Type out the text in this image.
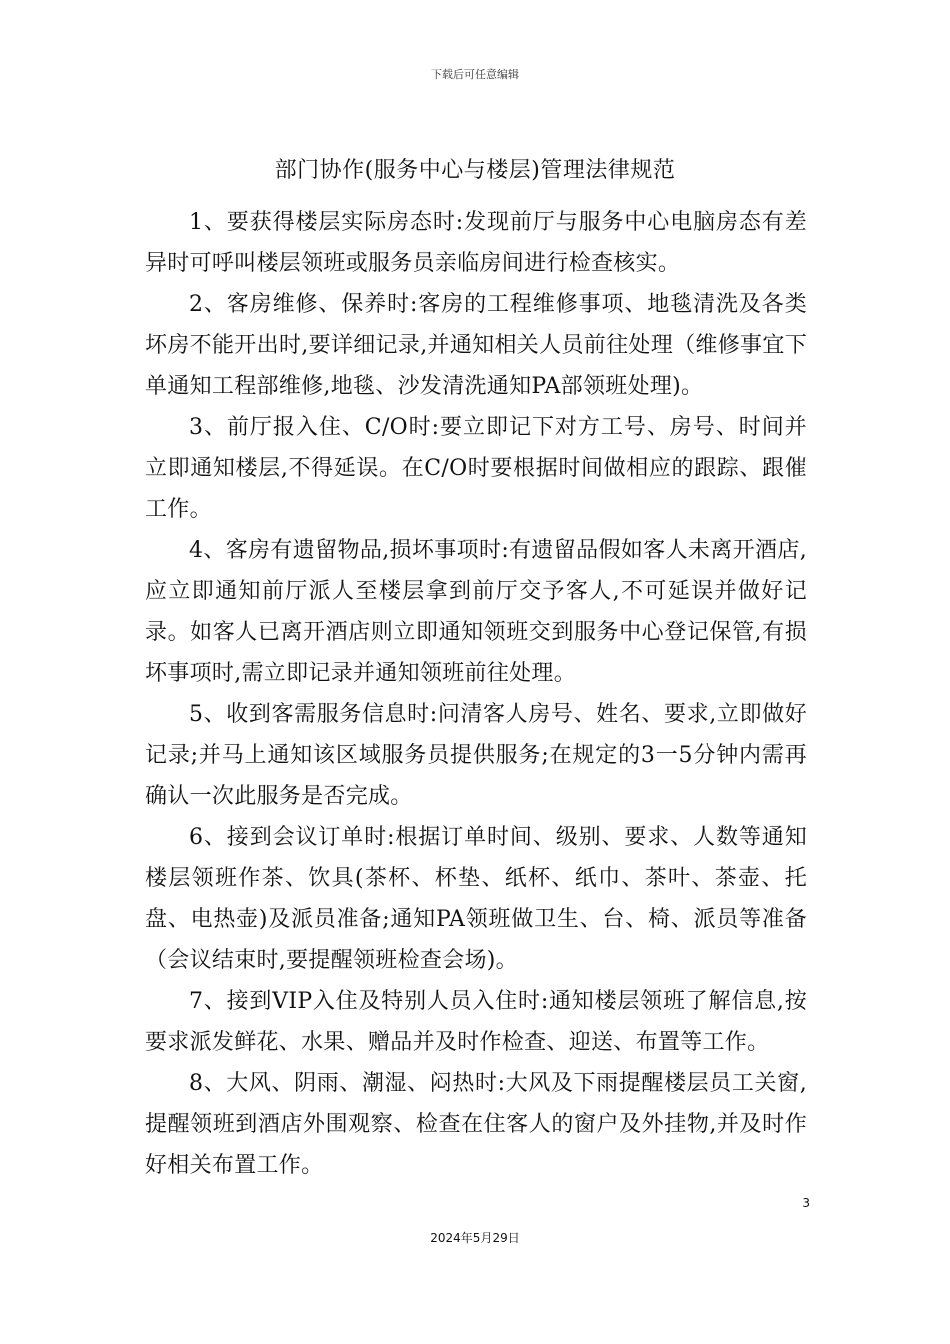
下载后可任意编辑
部门协作(服务中心与楼层)管理法律规范

1、要获得楼层实际房态时:发现前厅与服务中心电脑房态有差异时可呼叫楼层领班或服务员亲临房间进行检查核实。

2、客房维修、保养时:客房的工程维修事项、地毯清洗及各类坏房不能开出时,要详细记录,并通知相关人员前往处理（维修事宜下单通知工程部维修,地毯、沙发清洗通知PA部领班处理)。

3、前厅报入住、C/O时:要立即记下对方工号、房号、时间并立即通知楼层,不得延误。在C/O时要根据时间做相应的跟踪、跟催工作。

4、客房有遗留物品,损坏事项时:有遗留品假如客人未离开酒店,应立即通知前厅派人至楼层拿到前厅交予客人,不可延误并做好记录。如客人已离开酒店则立即通知领班交到服务中心登记保管,有损坏事项时,需立即记录并通知领班前往处理。

5、收到客需服务信息时:问清客人房号、姓名、要求,立即做好记录;并马上通知该区域服务员提供服务;在规定的3一5分钟内需再确认一次此服务是否完成。

6、接到会议订单时:根据订单时间、级别、要求、人数等通知楼层领班作茶、饮具(茶杯、杯垫、纸杯、纸巾、茶叶、茶壶、托盘、电热壶)及派员准备;通知PA领班做卫生、台、椅、派员等准备（会议结束时,要提醒领班检查会场)。

7、接到VIP入住及特别人员入住时:通知楼层领班了解信息,按要求派发鲜花、水果、赠品并及时作检查、迎送、布置等工作。

8、大风、阴雨、潮湿、闷热时:大风及下雨提醒楼层员工关窗,提醒领班到酒店外围观察、检查在住客人的窗户及外挂物,并及时作好相关布置工作。

3
2024年5月29日
